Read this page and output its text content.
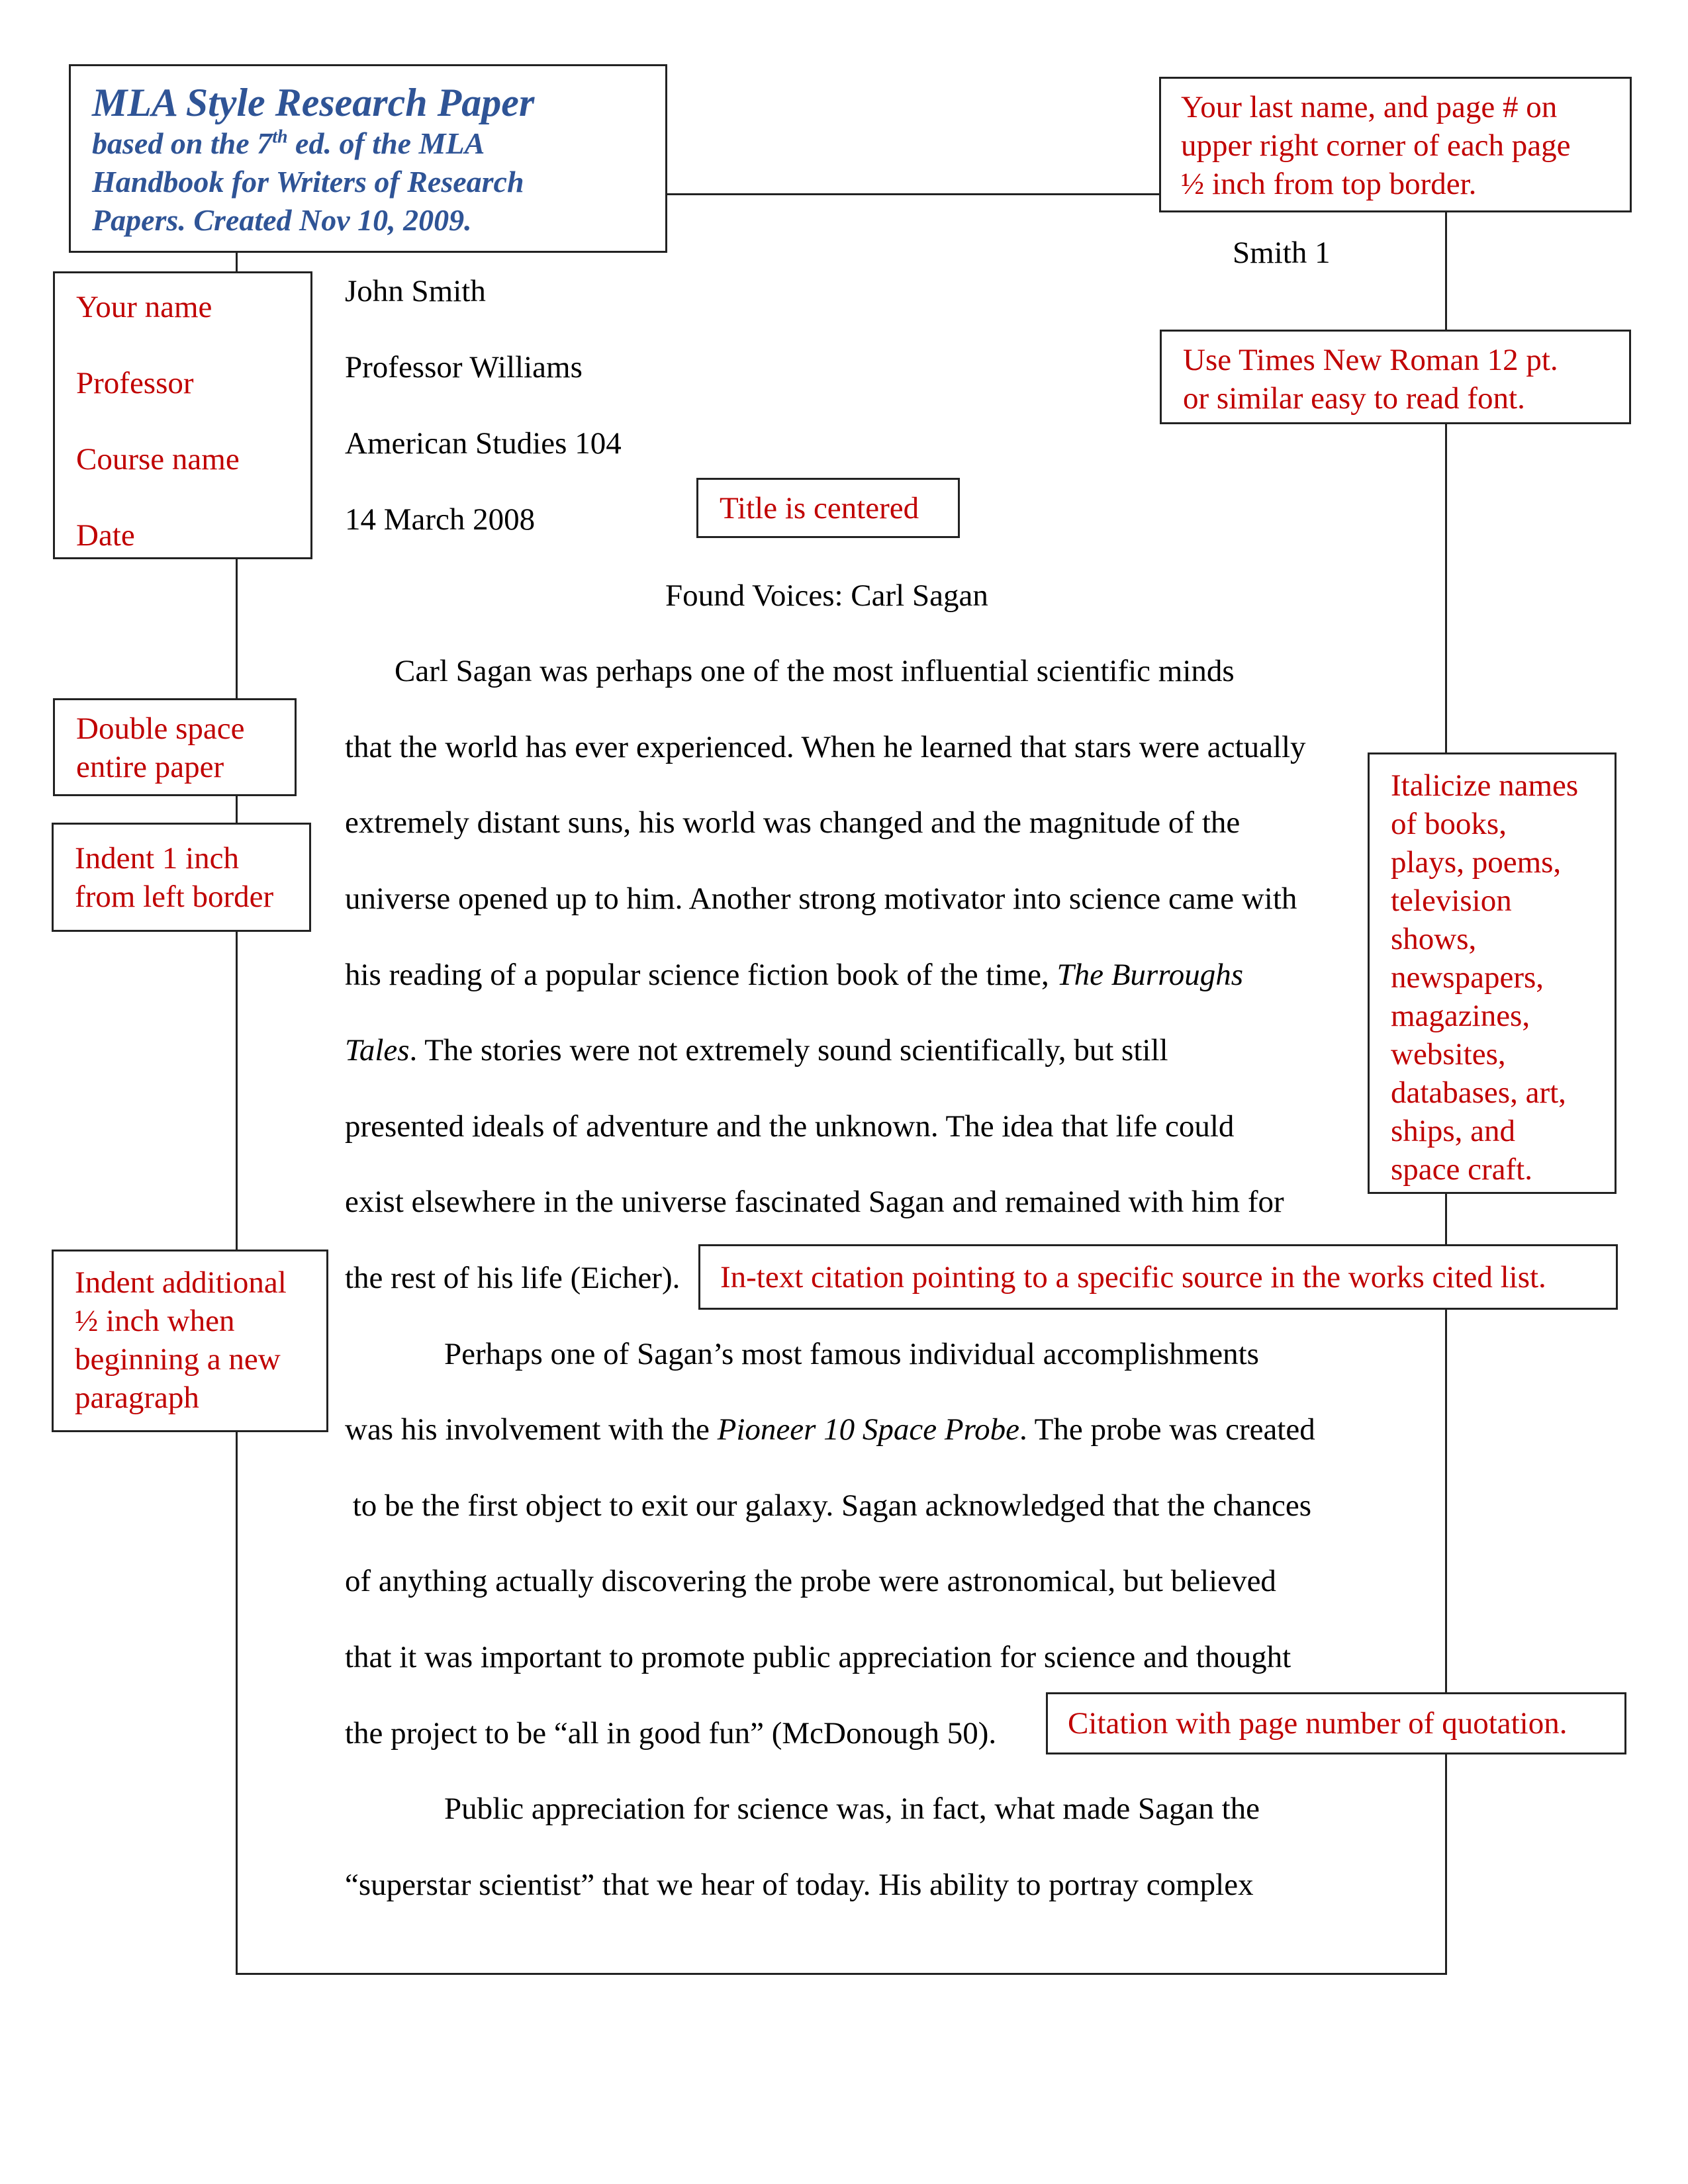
MLA Style Research Paper
based on the 7th ed. of the MLA
Handbook for Writers of Research
Papers. Created Nov 10, 2009.
Your last name, and page # on
upper right corner of each page
½ inch from top border.
Your name
Professor
Course name
Date
Use Times New Roman 12 pt.
or similar easy to read font.
Title is centered
Double space
entire paper
Indent 1 inch
from left border
Italicize names
of books,
plays, poems,
television
shows,
newspapers,
magazines,
websites,
databases, art,
ships, and
space craft.
In-text citation pointing to a specific source in the works cited list.
Indent additional
½ inch when
beginning a new
paragraph
Citation with page number of quotation.
Smith 1
John Smith
Professor Williams
American Studies 104
14 March 2008
Found Voices: Carl Sagan
Carl Sagan was perhaps one of the most influential scientific minds
that the world has ever experienced. When he learned that stars were actually
extremely distant suns, his world was changed and the magnitude of the
universe opened up to him. Another strong motivator into science came with
his reading of a popular science fiction book of the time, The Burroughs
Tales. The stories were not extremely sound scientifically, but still
presented ideals of adventure and the unknown. The idea that life could
exist elsewhere in the universe fascinated Sagan and remained with him for
the rest of his life (Eicher).
Perhaps one of Sagan’s most famous individual accomplishments
was his involvement with the Pioneer 10 Space Probe. The probe was created
to be the first object to exit our galaxy. Sagan acknowledged that the chances
of anything actually discovering the probe were astronomical, but believed
that it was important to promote public appreciation for science and thought
the project to be “all in good fun” (McDonough 50).
Public appreciation for science was, in fact, what made Sagan the
“superstar scientist” that we hear of today. His ability to portray complex
